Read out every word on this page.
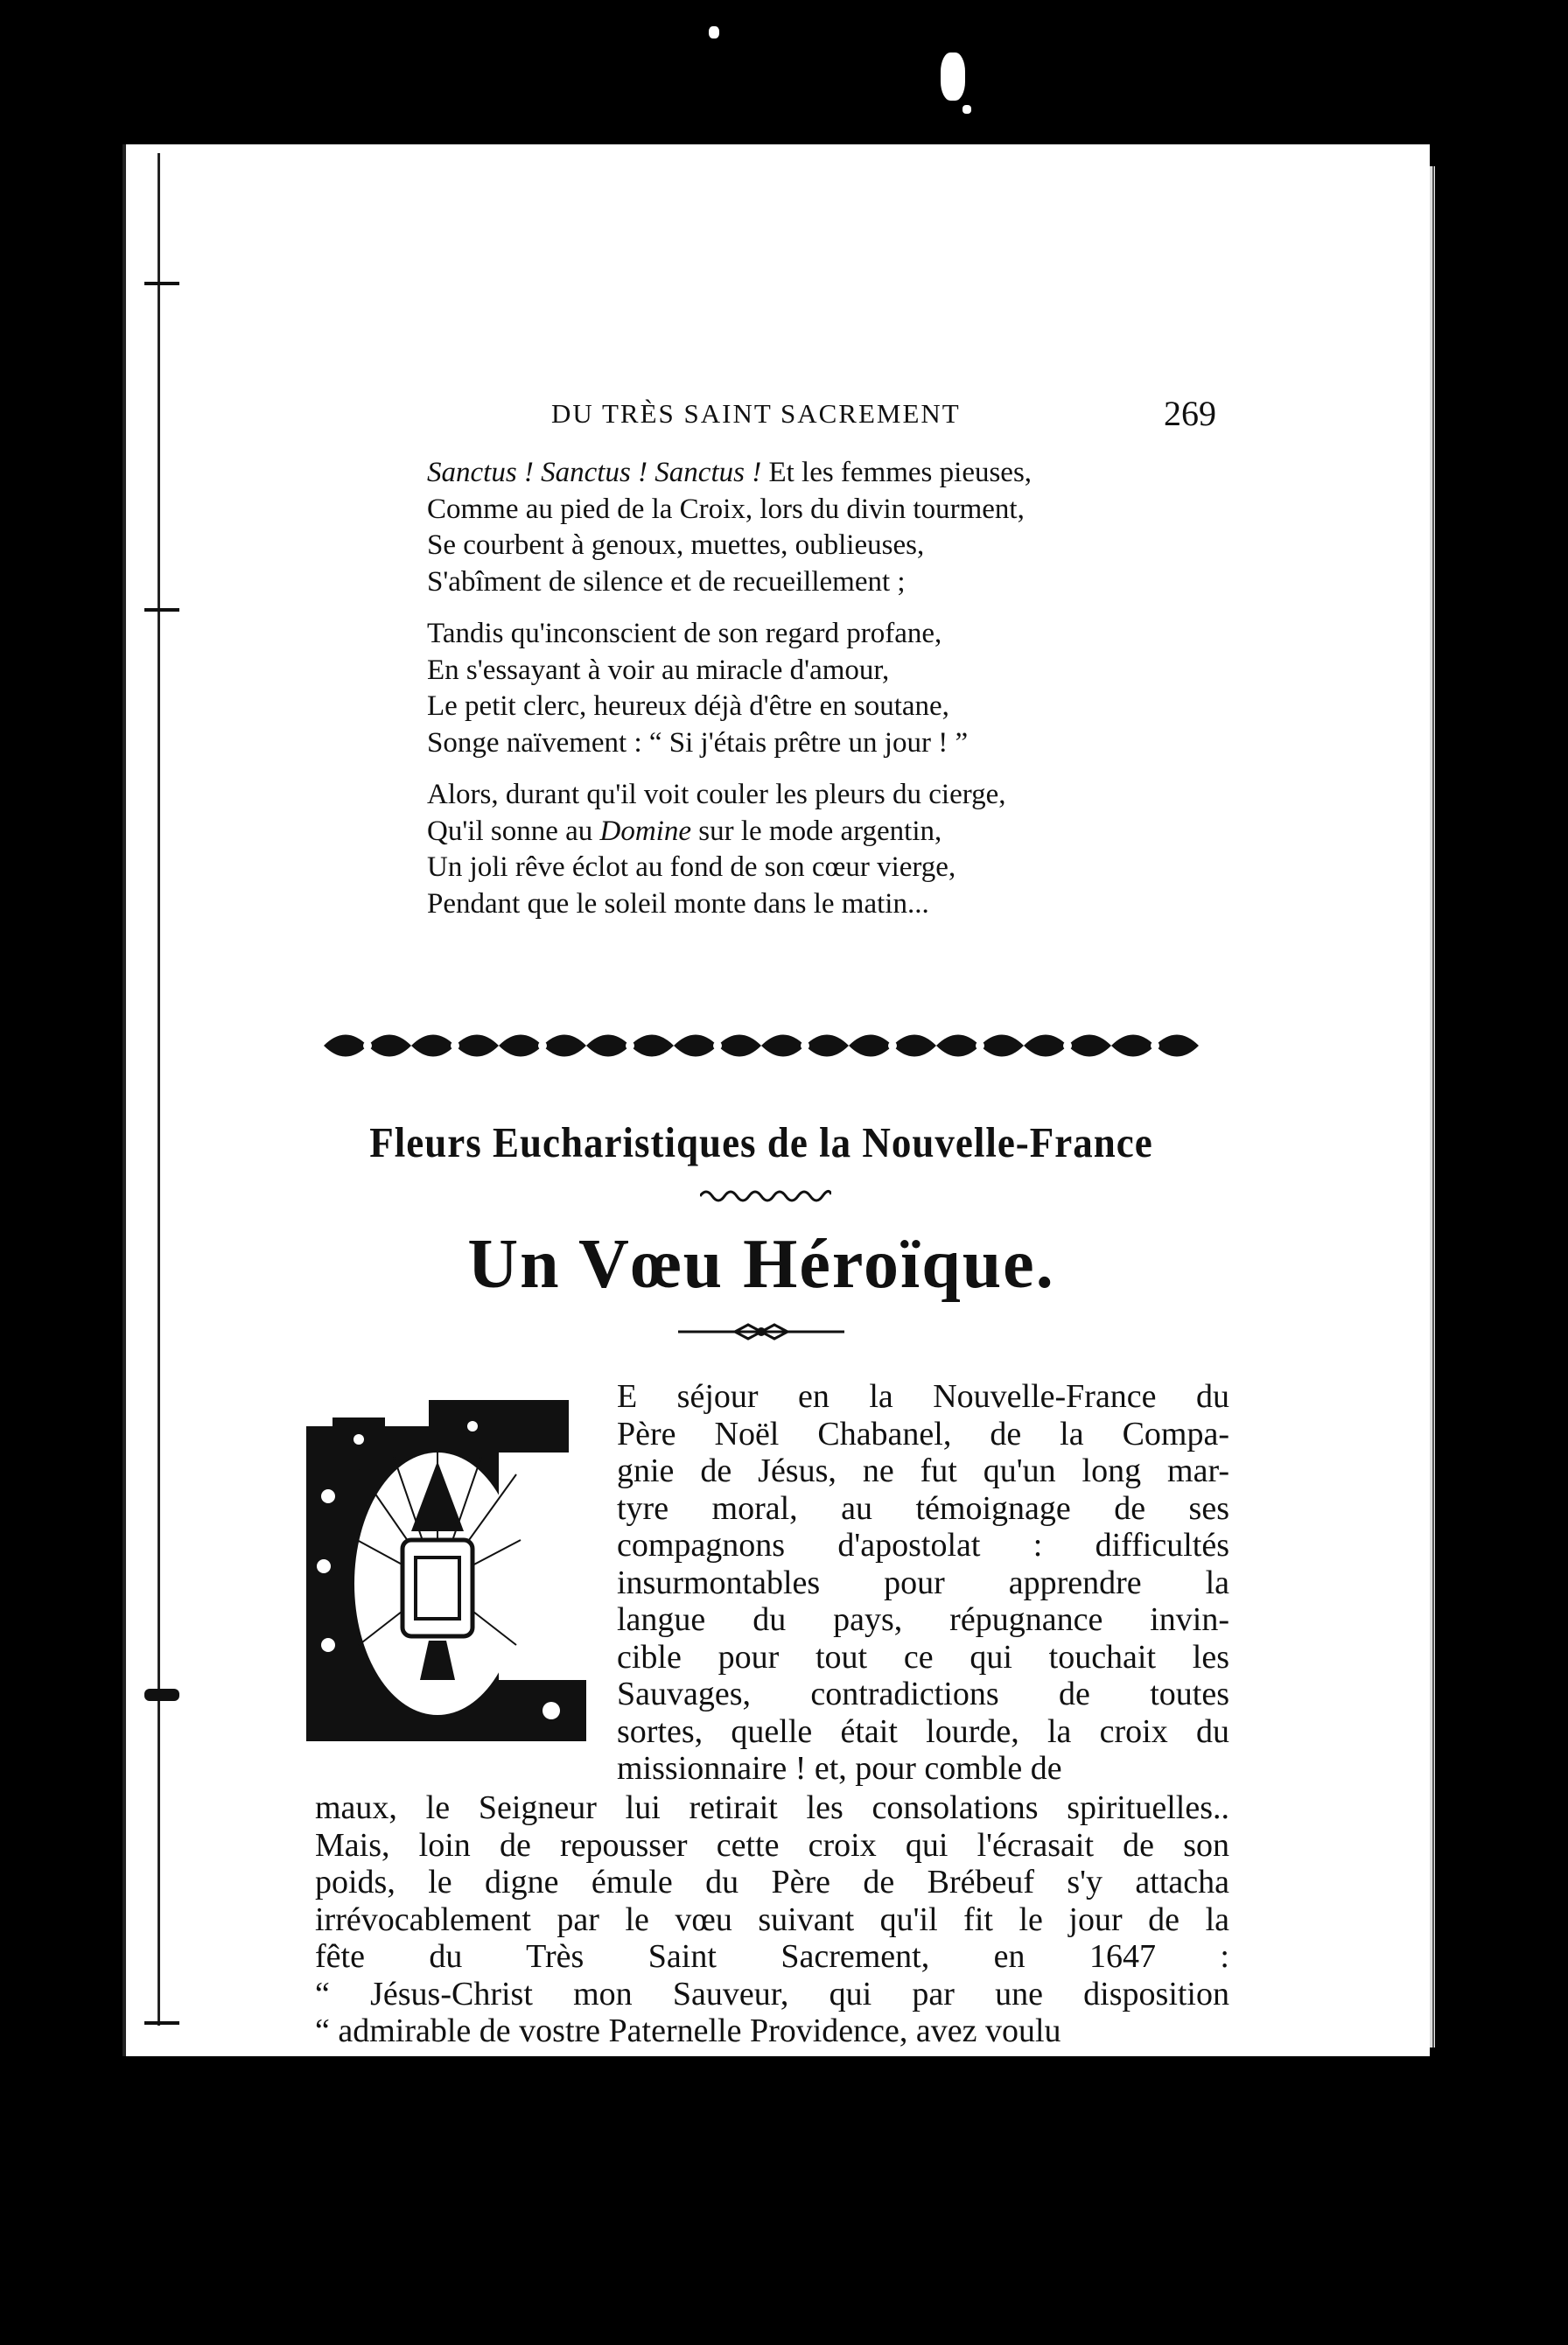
DU TRÈS SAINT SACREMENT	269
Sanctus ! Sanctus ! Sanctus ! Et les femmes pieuses,
Comme au pied de la Croix, lors du divin tourment,
Se courbent à genoux, muettes, oublieuses,
S'abîment de silence et de recueillement ;
Tandis qu'inconscient de son regard profane,
En s'essayant à voir au miracle d'amour,
Le petit clerc, heureux déjà d'être en soutane,
Songe naïvement : “ Si j'étais prêtre un jour ! ”
Alors, durant qu'il voit couler les pleurs du cierge,
Qu'il sonne au Domine sur le mode argentin,
Un joli rêve éclot au fond de son cœur vierge,
Pendant que le soleil monte dans le matin...
Fleurs Eucharistiques de la Nouvelle-France
Un Vœu Héroïque.
E séjour en la Nouvelle-France du
Père Noël Chabanel, de la Compa-
gnie de Jésus, ne fut qu'un long mar-
tyre moral, au témoignage de ses
compagnons d'apostolat : difficultés
insurmontables pour apprendre la
langue du pays, répugnance invin-
cible pour tout ce qui touchait les
Sauvages, contradictions de toutes
sortes, quelle était lourde, la croix du
missionnaire ! et, pour comble de
maux, le Seigneur lui retirait les consolations spirituelles..
Mais, loin de repousser cette croix qui l'écrasait de son
poids, le digne émule du Père de Brébeuf s'y attacha
irrévocablement par le vœu suivant qu'il fit le jour de la
fête du Très Saint Sacrement, en 1647 :
“ Jésus-Christ mon Sauveur, qui par une disposition
“ admirable de vostre Paternelle Providence, avez voulu
